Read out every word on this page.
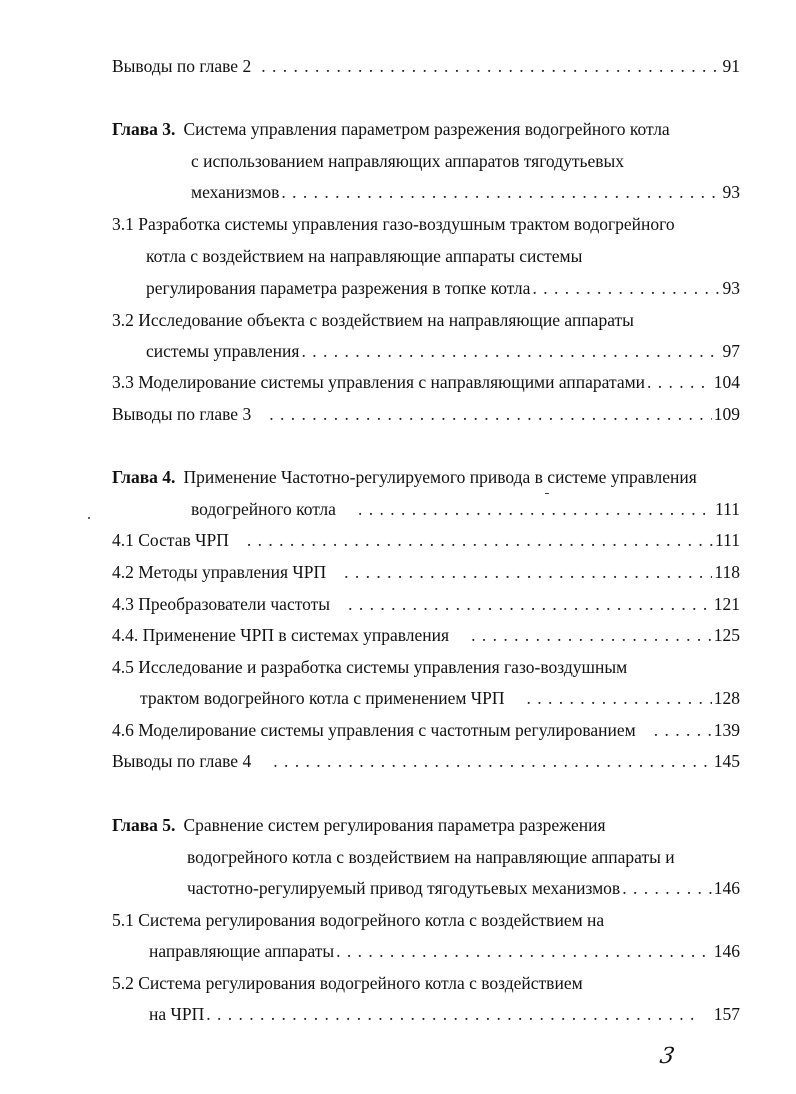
Выводы по главе 2 . . .	91
Глава 3. Система управления параметром разрежения водогрейного котла
с использованием направляющих аппаратов тягодутьевых
механизмов . . .	93
3.1 Разработка системы управления газо-воздушным трактом водогрейного
котла с воздействием на направляющие аппараты системы
регулирования параметра разрежения в топке котла . . .	93
3.2 Исследование объекта с воздействием на направляющие аппараты
системы управления . . .	97
3.3 Моделирование системы управления с направляющими аппаратами . . .	104
Выводы по главе 3 . . .	109
Глава 4. Применение Частотно-регулируемого привода в системе управления
водогрейного котла . . .	111
4.1 Состав ЧРП . . .	111
4.2 Методы управления ЧРП . . .	118
4.3 Преобразователи частоты . . .	121
4.4. Применение ЧРП в системах управления . . .	125
4.5 Исследование и разработка системы управления газо-воздушным
трактом водогрейного котла с применением ЧРП . . .	128
4.6 Моделирование системы управления с частотным регулированием . . .	139
Выводы по главе 4 . . .	145
Глава 5. Сравнение систем регулирования параметра разрежения
водогрейного котла с воздействием на направляющие аппараты и
частотно-регулируемый привод тягодутьевых механизмов . . .	146
5.1 Система регулирования водогрейного котла с воздействием на
направляющие аппараты . . .	146
5.2 Система регулирования водогрейного котла с воздействием
на ЧРП . . .	157
3
